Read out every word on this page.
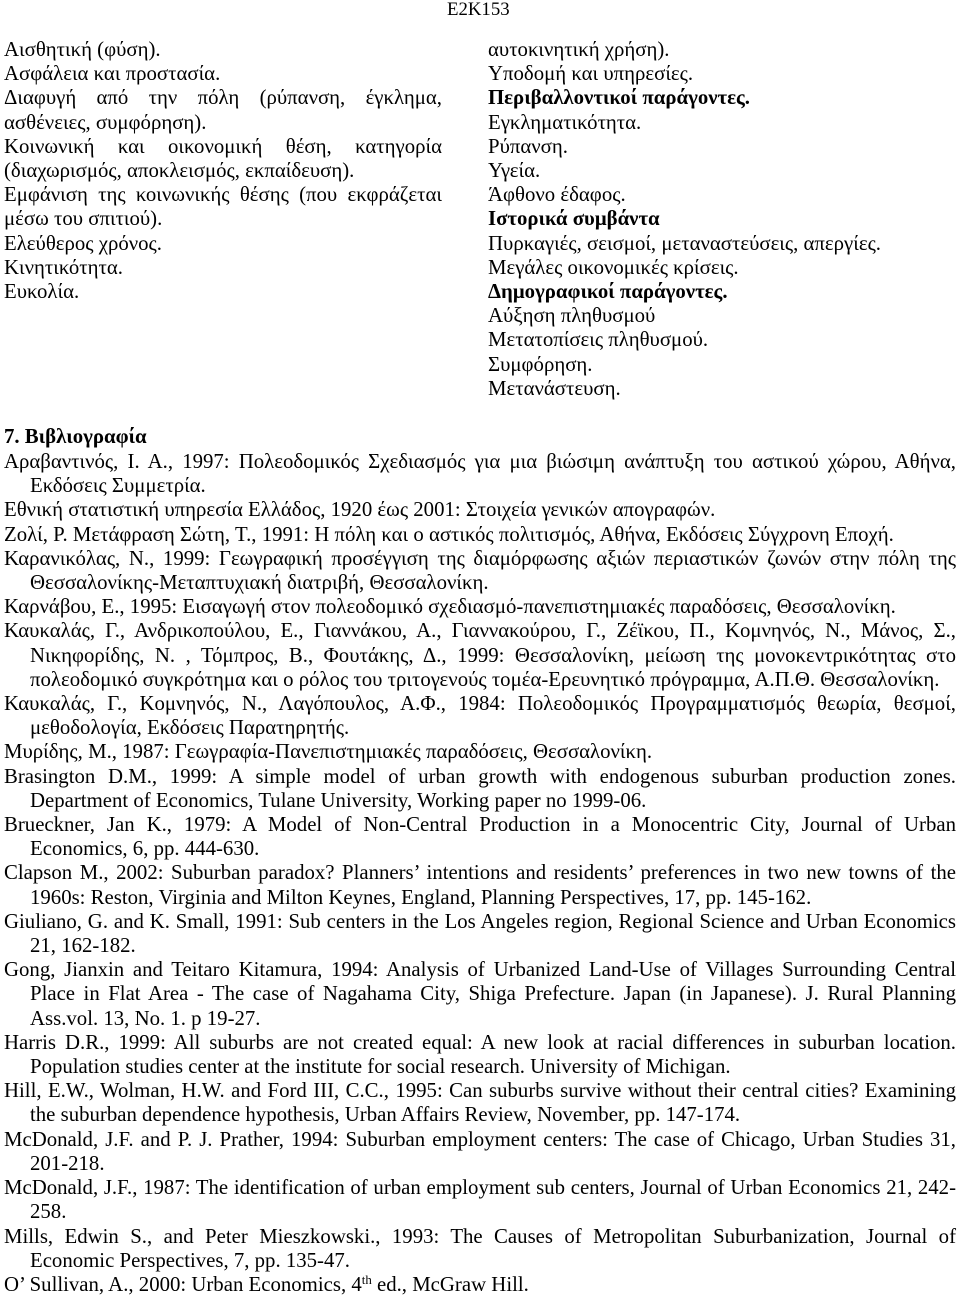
E2K153

Αισθητική (φύση).

Ασφάλεια και προστασία.

Διαφυγή από την πόλη (ρύπανση, έγκλημα, ασθένειες, συμφόρηση).

Κοινωνική και οικονομική θέση, κατηγορία (διαχωρισμός, αποκλεισμός, εκπαίδευση).

Εμφάνιση της κοινωνικής θέσης (που εκφράζεται μέσω του σπιτιού).

Ελεύθερος χρόνος.

Κινητικότητα.

Ευκολία.

αυτοκινητική χρήση).

Υποδομή και υπηρεσίες.

Περιβαλλοντικοί παράγοντες.

Εγκληματικότητα.

Ρύπανση.

Υγεία.

Άφθονο έδαφος.

Ιστορικά συμβάντα

Πυρκαγιές, σεισμοί, μεταναστεύσεις, απεργίες.

Μεγάλες οικονομικές κρίσεις.

Δημογραφικοί παράγοντες.

Αύξηση πληθυσμού

Μετατοπίσεις πληθυσμού.

Συμφόρηση.

Μετανάστευση.

7. Βιβλιογραφία

Αραβαντινός, Ι. Α., 1997: Πολεοδομικός Σχεδιασμός για μια βιώσιμη ανάπτυξη του αστικού χώρου, Αθήνα, Εκδόσεις Συμμετρία.

Εθνική στατιστική υπηρεσία Ελλάδος, 1920 έως 2001: Στοιχεία γενικών απογραφών.

Ζολί, Ρ. Μετάφραση Σώτη, Τ., 1991: Η πόλη και ο αστικός πολιτισμός, Αθήνα, Εκδόσεις Σύγχρονη Εποχή.

Καρανικόλας, Ν., 1999: Γεωγραφική προσέγγιση της διαμόρφωσης αξιών περιαστικών ζωνών στην πόλη της Θεσσαλονίκης-Μεταπτυχιακή διατριβή, Θεσσαλονίκη.

Καρνάβου, Ε., 1995: Εισαγωγή στον πολεοδομικό σχεδιασμό-πανεπιστημιακές παραδόσεις, Θεσσαλονίκη.

Καυκαλάς, Γ., Ανδρικοπούλου, Ε., Γιαννάκου, Α., Γιαννακούρου, Γ., Ζέϊκου, Π., Κομνηνός, Ν., Μάνος, Σ., Νικηφορίδης, Ν. , Τόμπρος, Β., Φουτάκης, Δ., 1999: Θεσσαλονίκη, μείωση της μονοκεντρικότητας στο πολεοδομικό συγκρότημα και ο ρόλος του τριτογενούς τομέα-Ερευνητικό πρόγραμμα, Α.Π.Θ. Θεσσαλονίκη.

Καυκαλάς, Γ., Κομνηνός, Ν., Λαγόπουλος, Α.Φ., 1984: Πολεοδομικός Προγραμματισμός θεωρία, θεσμοί, μεθοδολογία, Εκδόσεις Παρατηρητής.

Μυρίδης, Μ., 1987: Γεωγραφία-Πανεπιστημιακές παραδόσεις, Θεσσαλονίκη.

Brasington D.M., 1999: A simple model of urban growth with endogenous suburban production zones. Department of Economics, Tulane University, Working paper no 1999-06.

Brueckner, Jan K., 1979: A Model of Non-Central Production in a Monocentric City, Journal of Urban Economics, 6, pp. 444-630.

Clapson M., 2002: Suburban paradox? Planners’ intentions and residents’ preferences in two new towns of the 1960s: Reston, Virginia and Milton Keynes, England, Planning Perspectives, 17, pp. 145-162.

Giuliano, G. and K. Small, 1991: Sub centers in the Los Angeles region, Regional Science and Urban Economics 21, 162-182.

Gong, Jianxin and Teitaro Kitamura, 1994: Analysis of Urbanized Land-Use of Villages Surrounding Central Place in Flat Area - The case of Nagahama City, Shiga Prefecture. Japan (in Japanese). J. Rural Planning Ass.vol. 13, No. 1. p 19-27.

Harris D.R., 1999: All suburbs are not created equal: A new look at racial differences in suburban location. Population studies center at the institute for social research. University of Michigan.

Hill, E.W., Wolman, H.W. and Ford III, C.C., 1995: Can suburbs survive without their central cities? Examining the suburban dependence hypothesis, Urban Affairs Review, November, pp. 147-174.

McDonald, J.F. and P. J. Prather, 1994: Suburban employment centers: The case of Chicago, Urban Studies 31, 201-218.

McDonald, J.F., 1987: The identification of urban employment sub centers, Journal of Urban Economics 21, 242-258.

Mills, Edwin S., and Peter Mieszkowski., 1993: The Causes of Metropolitan Suburbanization, Journal of Economic Perspectives, 7, pp. 135-47.

O’ Sullivan, A., 2000: Urban Economics, 4th ed., McGraw Hill.
